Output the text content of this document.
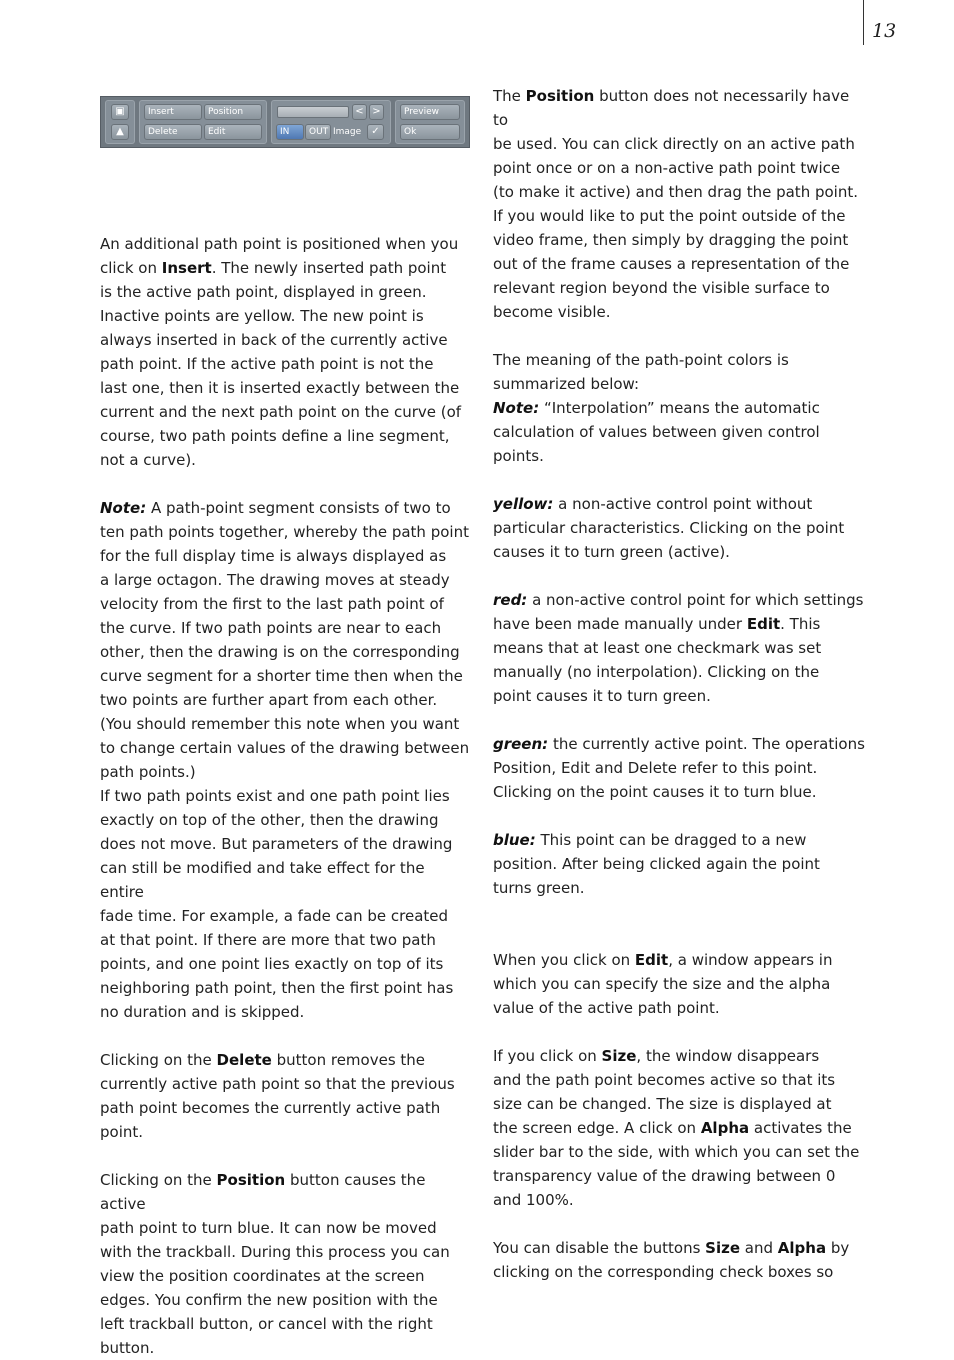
13
▣
▲
Insert	Position
Delete	Edit
< >
IN	OUT Image	✓
Preview
Ok

An additional path point is positioned when you
click on Insert. The newly inserted path point
is the active path point, displayed in green.
Inactive points are yellow. The new point is
always inserted in back of the currently active
path point. If the active path point is not the
last one, then it is inserted exactly between the
current and the next path point on the curve (of
course, two path points define a line segment,
not a curve).

Note: A path-point segment consists of two to
ten path points together, whereby the path point
for the full display time is always displayed as
a large octagon. The drawing moves at steady
velocity from the first to the last path point of
the curve. If two path points are near to each
other, then the drawing is on the corresponding
curve segment for a shorter time then when the
two points are further apart from each other.
(You should remember this note when you want
to change certain values of the drawing between
path points.)
If two path points exist and one path point lies
exactly on top of the other, then the drawing
does not move. But parameters of the drawing
can still be modified and take effect for the entire
fade time. For example, a fade can be created
at that point. If there are more that two path
points, and one point lies exactly on top of its
neighboring path point, then the first point has
no duration and is skipped.

Clicking on the Delete button removes the
currently active path point so that the previous
path point becomes the currently active path
point.

Clicking on the Position button causes the active
path point to turn blue. It can now be moved
with the trackball. During this process you can
view the position coordinates at the screen
edges. You confirm the new position with the
left trackball button, or cancel with the right
button.

The Position button does not necessarily have to
be used. You can click directly on an active path
point once or on a non-active path point twice
(to make it active) and then drag the path point.
If you would like to put the point outside of the
video frame, then simply by dragging the point
out of the frame causes a representation of the
relevant region beyond the visible surface to
become visible.

The meaning of the path-point colors is
summarized below:
Note: “Interpolation” means the automatic
calculation of values between given control
points.

yellow: a non-active control point without
particular characteristics. Clicking on the point
causes it to turn green (active).

red: a non-active control point for which settings
have been made manually under Edit. This
means that at least one checkmark was set
manually (no interpolation). Clicking on the
point causes it to turn green.

green: the currently active point. The operations
Position, Edit and Delete refer to this point.
Clicking on the point causes it to turn blue.

blue: This point can be dragged to a new
position. After being clicked again the point
turns green.

When you click on Edit, a window appears in
which you can specify the size and the alpha
value of the active path point.

If you click on Size, the window disappears
and the path point becomes active so that its
size can be changed. The size is displayed at
the screen edge. A click on Alpha activates the
slider bar to the side, with which you can set the
transparency value of the drawing between 0
and 100%.

You can disable the buttons Size and Alpha by
clicking on the corresponding check boxes so
